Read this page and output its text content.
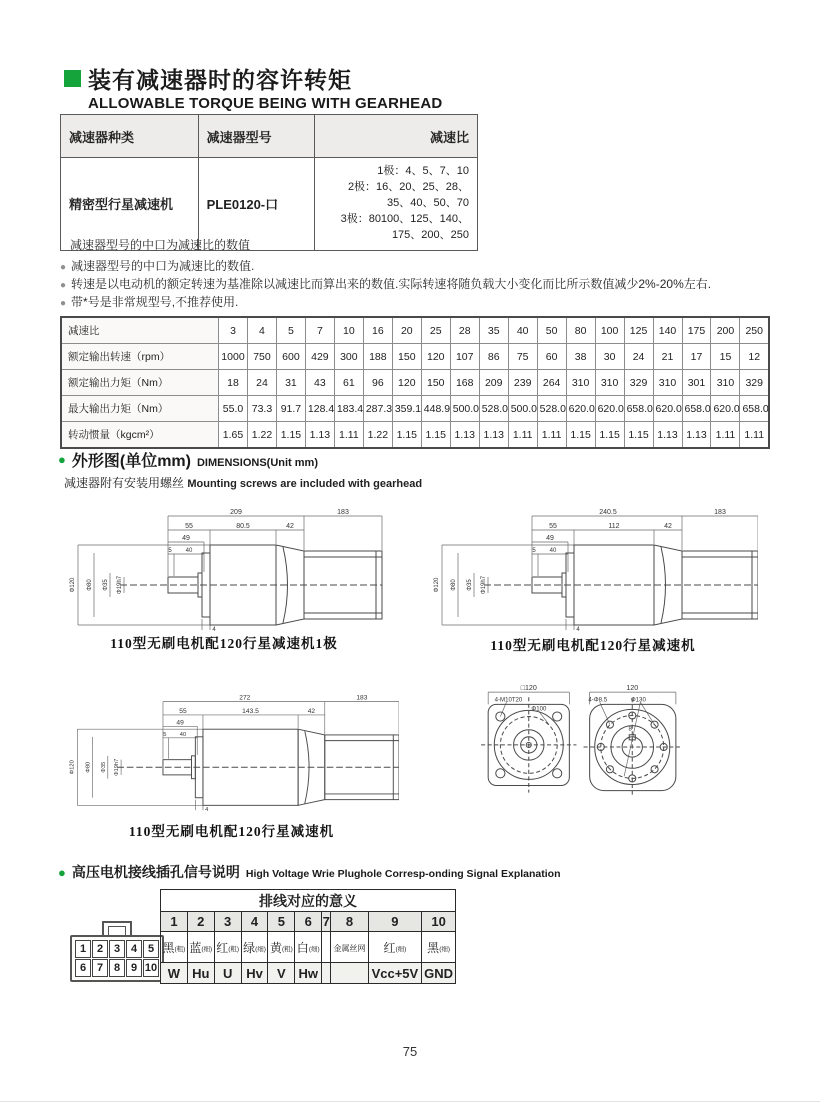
装有减速器时的容许转矩
ALLOWABLE TORQUE BEING WITH GEARHEAD
减速器种类	减速器型号	减速比
精密型行星减速机	PLE0120-口	1极：4、5、7、10
2极：16、20、25、28、
35、40、50、70
3极：80100、125、140、
175、200、250
减速器型号的中口为减速比的数值
● 减速器型号的中口为减速比的数值.
● 转速是以电动机的额定转速为基准除以减速比而算出来的数值.实际转速将随负载大小变化而比所示数值减少2%-20%左右.
● 带*号是非常规型号,不推荐使用.
减速比	3	4	5	7	10	16	20	25	28	35	40	50	80	100	125	140	175	200	250
额定输出转速（rpm）	1000	750	600	429	300	188	150	120	107	86	75	60	38	30	24	21	17	15	12
额定输出力矩（Nm）	18	24	31	43	61	96	120	150	168	209	239	264	310	310	329	310	301	310	329
最大输出力矩（Nm）	55.0	73.3	91.7	128.4	183.4	287.3	359.1	448.9	500.0	528.0	500.0	528.0	620.0	620.0	658.0	620.0	658.0	620.0	658.0
转动惯量（kgcm²）	1.65	1.22	1.15	1.13	1.11	1.22	1.15	1.15	1.13	1.13	1.11	1.11	1.15	1.15	1.15	1.13	1.13	1.11	1.11
● 外形图(单位mm) DIMENSIONS(Unit mm)
减速器附有安装用螺丝 Mounting screws are included with gearhead
209	183
55	80.5	42
49
5 40
Φ120 Φ80 Φ35 Φ19h7
4
110型无刷电机配120行星减速机1极
240.5	183
55	112	42
49
5 40
Φ120 Φ80 Φ35 Φ19h7
4
110型无刷电机配120行星减速机
272	183
55	143.5	42
49
5 40
Φ120 Φ80 Φ35 Φ19h7
4
110型无刷电机配120行星减速机
□120
4-M10T20
Φ100
120
4-Φ8.5	Φ130
8
● 高压电机接线插孔信号说明 High Voltage Wrie Plughole Corresp-onding Signal Explanation
1 2 3 4 5
6 7 8 9 10
排线对应的意义									
1	2	3	4	5	6	7	8	9	10
黑(粗)	蓝(细)	红(粗)	绿(细)	黄(粗)	白(细)		金属丝网	红(细)	黑(细)
W	Hu	U	Hv	V	Hw			Vcc+5V	GND
75
